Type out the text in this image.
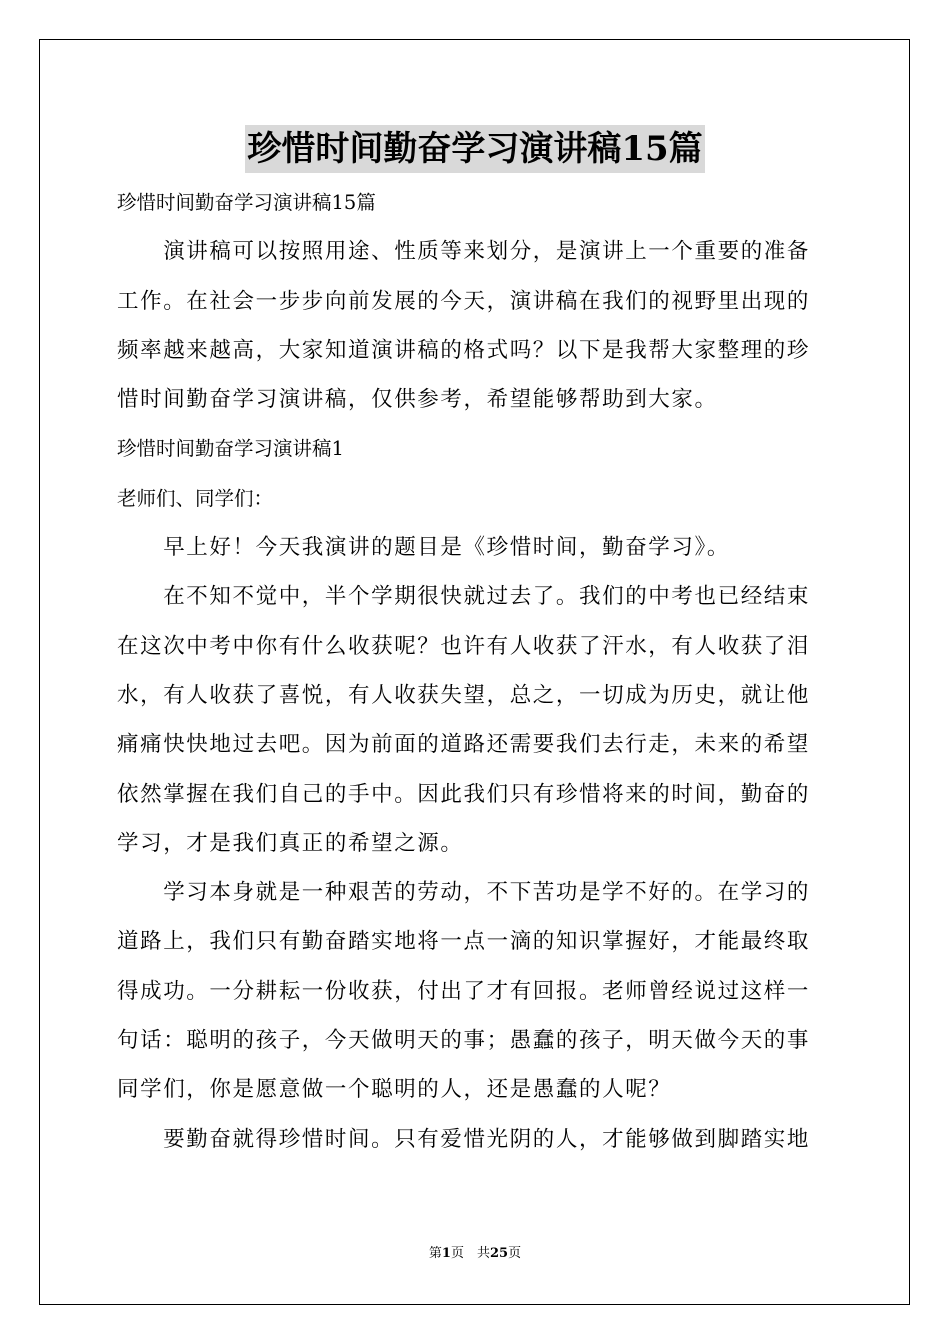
珍惜时间勤奋学习演讲稿15篇
珍惜时间勤奋学习演讲稿15篇
　　演讲稿可以按照用途、性质等来划分，是演讲上一个重要的准备
工作。在社会一步步向前发展的今天，演讲稿在我们的视野里出现的
频率越来越高，大家知道演讲稿的格式吗？以下是我帮大家整理的珍
惜时间勤奋学习演讲稿，仅供参考，希望能够帮助到大家。
珍惜时间勤奋学习演讲稿1
老师们、同学们：
　　早上好！今天我演讲的题目是《珍惜时间，勤奋学习》。
　　在不知不觉中，半个学期很快就过去了。我们的中考也已经结束
在这次中考中你有什么收获呢？也许有人收获了汗水，有人收获了泪
水，有人收获了喜悦，有人收获失望，总之，一切成为历史，就让他
痛痛快快地过去吧。因为前面的道路还需要我们去行走，未来的希望
依然掌握在我们自己的手中。因此我们只有珍惜将来的时间，勤奋的
学习，才是我们真正的希望之源。
　　学习本身就是一种艰苦的劳动，不下苦功是学不好的。在学习的
道路上，我们只有勤奋踏实地将一点一滴的知识掌握好，才能最终取
得成功。一分耕耘一份收获，付出了才有回报。老师曾经说过这样一
句话：聪明的孩子，今天做明天的事；愚蠢的孩子，明天做今天的事
同学们，你是愿意做一个聪明的人，还是愚蠢的人呢？
　　要勤奋就得珍惜时间。只有爱惜光阴的人，才能够做到脚踏实地
第1页　共25页
